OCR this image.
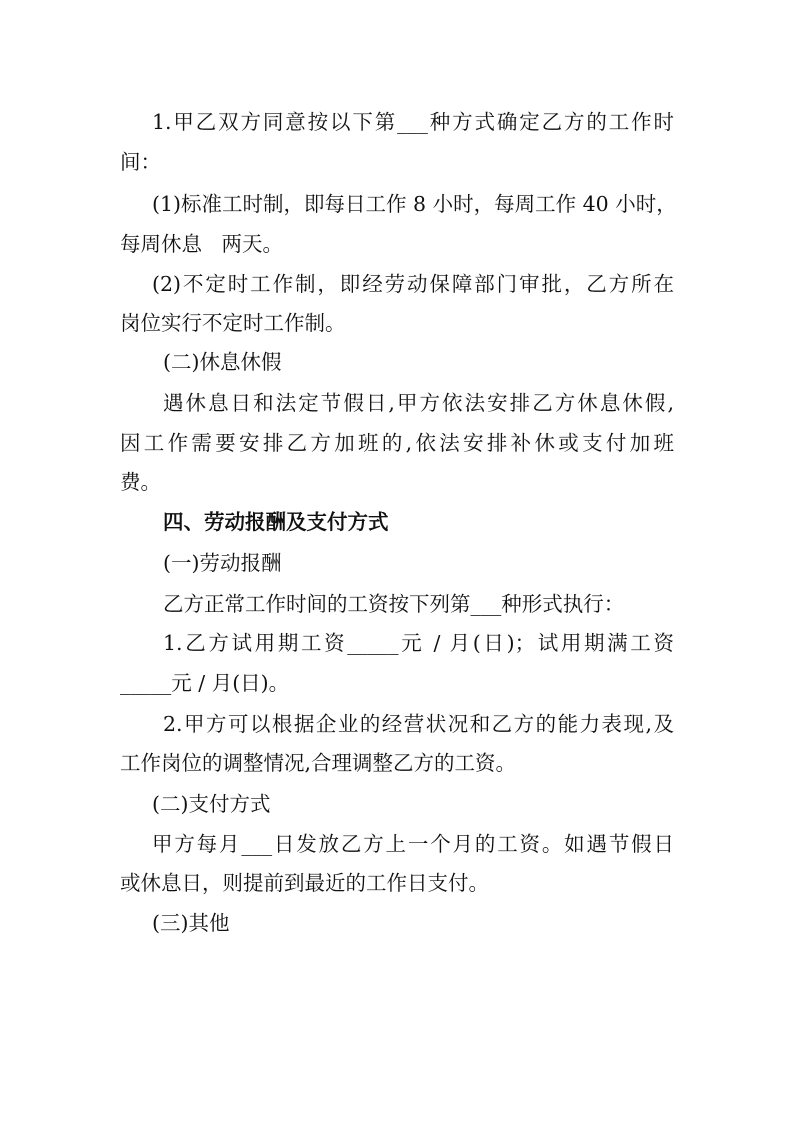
1.甲乙双方同意按以下第___种方式确定乙方的工作时

间：

(1)标准工时制，即每日工作 8 小时，每周工作 40 小时，

每周休息   两天。

(2)不定时工作制，即经劳动保障部门审批，乙方所在

岗位实行不定时工作制。

(二)休息休假

遇休息日和法定节假日,甲方依法安排乙方休息休假,

因工作需要安排乙方加班的,依法安排补休或支付加班

费。

四、劳动报酬及支付方式

(一)劳动报酬

乙方正常工作时间的工资按下列第___种形式执行：

1.乙方试用期工资_____元 / 月(日)；试用期满工资

_____元 / 月(日)。

2.甲方可以根据企业的经营状况和乙方的能力表现,及

工作岗位的调整情况,合理调整乙方的工资。

(二)支付方式

甲方每月___日发放乙方上一个月的工资。如遇节假日

或休息日，则提前到最近的工作日支付。

(三)其他
